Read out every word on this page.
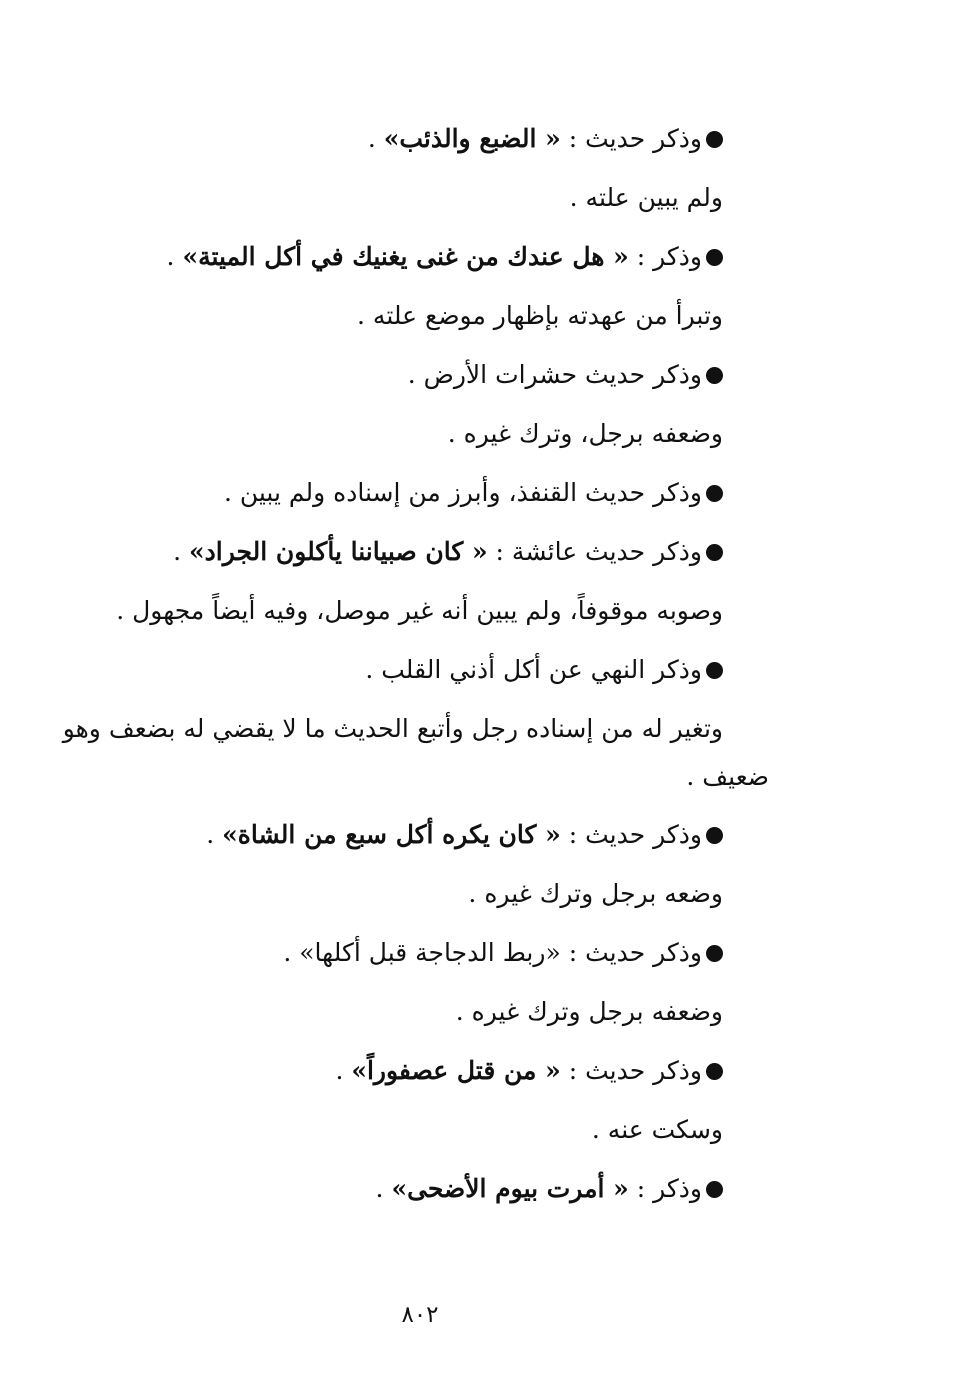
وذكر حديث : « الضبع والذئب» .
ولم يبين علته .
وذكر : « هل عندك من غنى يغنيك في أكل الميتة» .
وتبرأ من عهدته بإظهار موضع علته .
وذكر حديث حشرات الأرض .
وضعفه برجل، وترك غيره .
وذكر حديث القنفذ، وأبرز من إسناده ولم يبين .
وذكر حديث عائشة : « كان صبياننا يأكلون الجراد» .
وصوبه موقوفاً، ولم يبين أنه غير موصل، وفيه أيضاً مجهول .
وذكر النهي عن أكل أذني القلب .
وتغير له من إسناده رجل وأتبع الحديث ما لا يقضي له بضعف وهو
ضعيف .
وذكر حديث : « كان يكره أكل سبع من الشاة» .
وضعه برجل وترك غيره .
وذكر حديث : «ربط الدجاجة قبل أكلها» .
وضعفه برجل وترك غيره .
وذكر حديث : « من قتل عصفوراً» .
وسكت عنه .
وذكر : « أمرت بيوم الأضحى» .
٨٠٢
